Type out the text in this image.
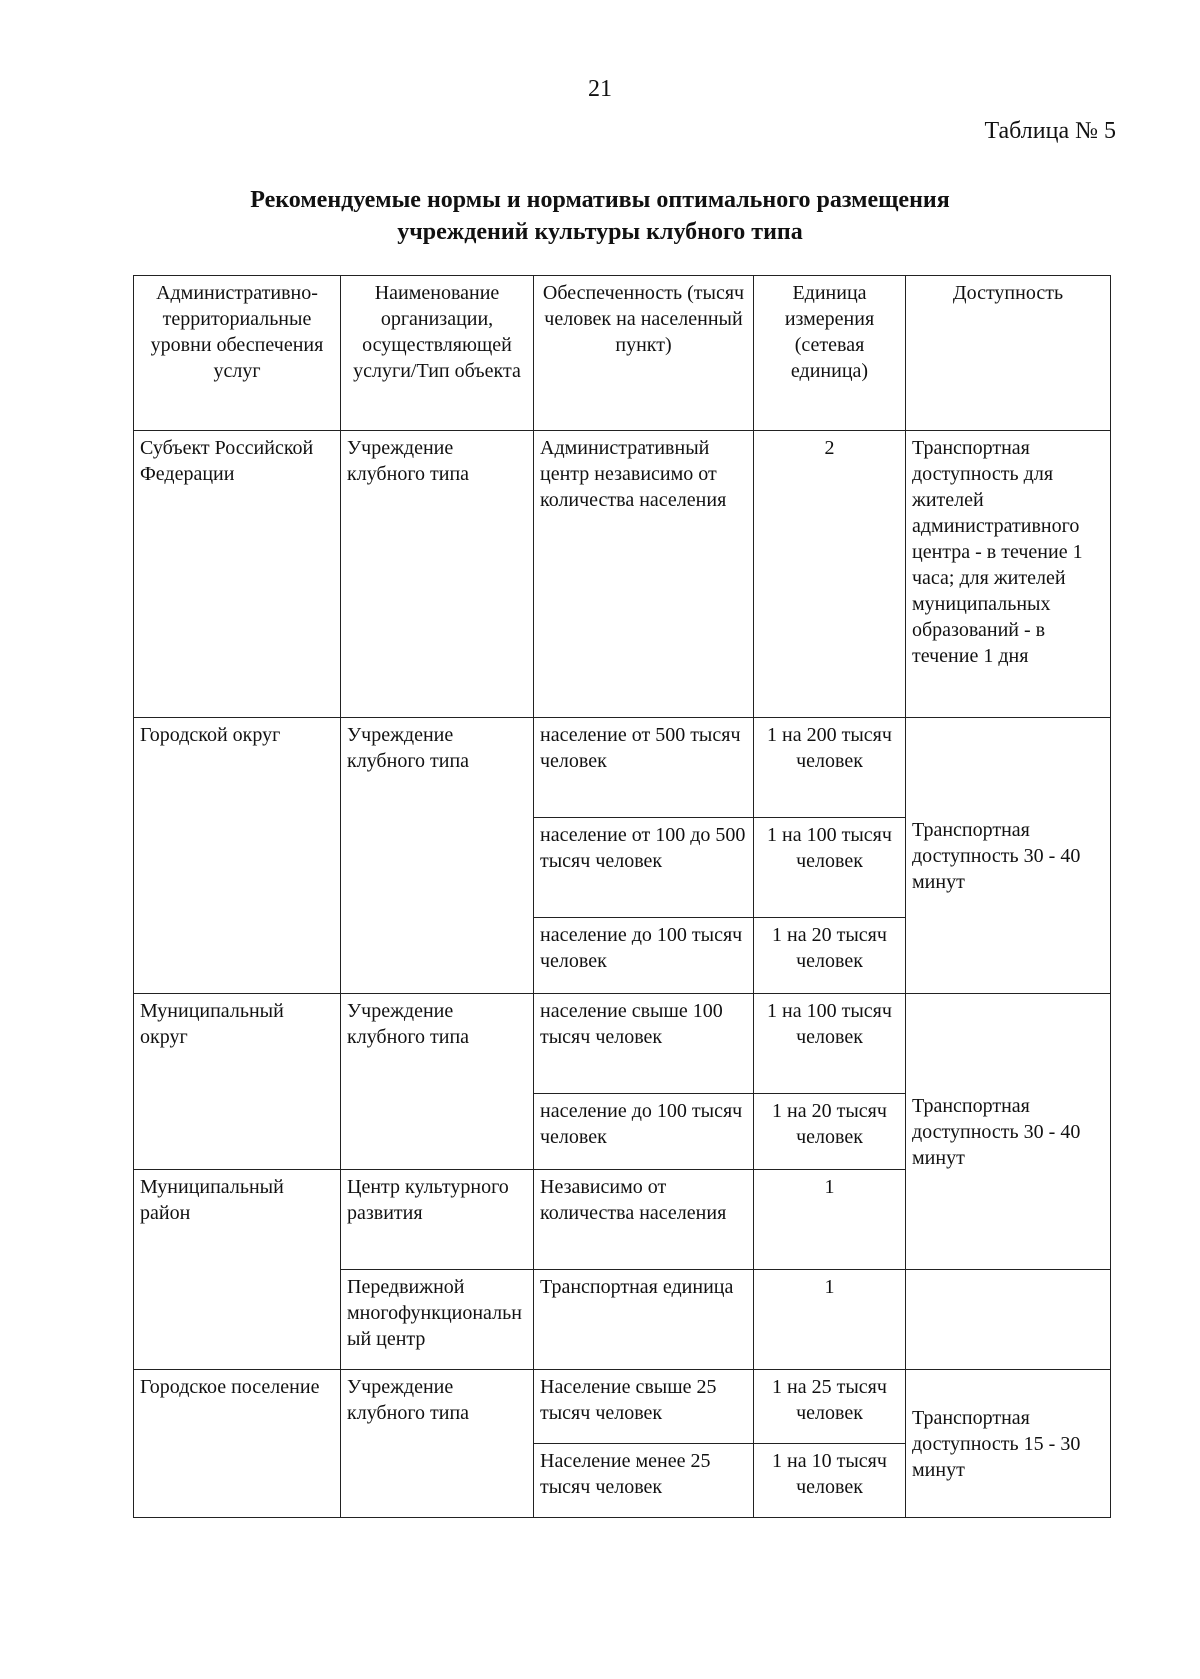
21
Таблица № 5
Рекомендуемые нормы и нормативы оптимального размещения
учреждений культуры клубного типа
Административно-территориальные уровни обеспечения услуг	Наименование организации, осуществляющей услуги/Тип объекта	Обеспеченность (тысяч человек на населенный пункт)	Единица измерения (сетевая единица)	Доступность
Субъект Российской Федерации	Учреждение клубного типа	Административный центр независимо от количества населения	2	Транспортная доступность для жителей административного центра - в течение 1 часа; для жителей муниципальных образований - в течение 1 дня
Городской округ	Учреждение клубного типа	население от 500 тысяч человек	1 на 200 тысяч человек	Транспортная доступность 30 - 40 минут
		население от 100 до 500 тысяч человек	1 на 100 тысяч человек	
		население до 100 тысяч человек	1 на 20 тысяч человек	
Муниципальный округ	Учреждение клубного типа	население свыше 100 тысяч человек	1 на 100 тысяч человек	Транспортная доступность 30 - 40 минут
		население до 100 тысяч человек	1 на 20 тысяч человек	
Муниципальный район	Центр культурного развития	Независимо от количества населения	1	
	Передвижной многофункциональный центр	Транспортная единица	1	
Городское поселение	Учреждение клубного типа	Население свыше 25 тысяч человек	1 на 25 тысяч человек	Транспортная доступность 15 - 30 минут
		Население менее 25 тысяч человек	1 на 10 тысяч человек	
